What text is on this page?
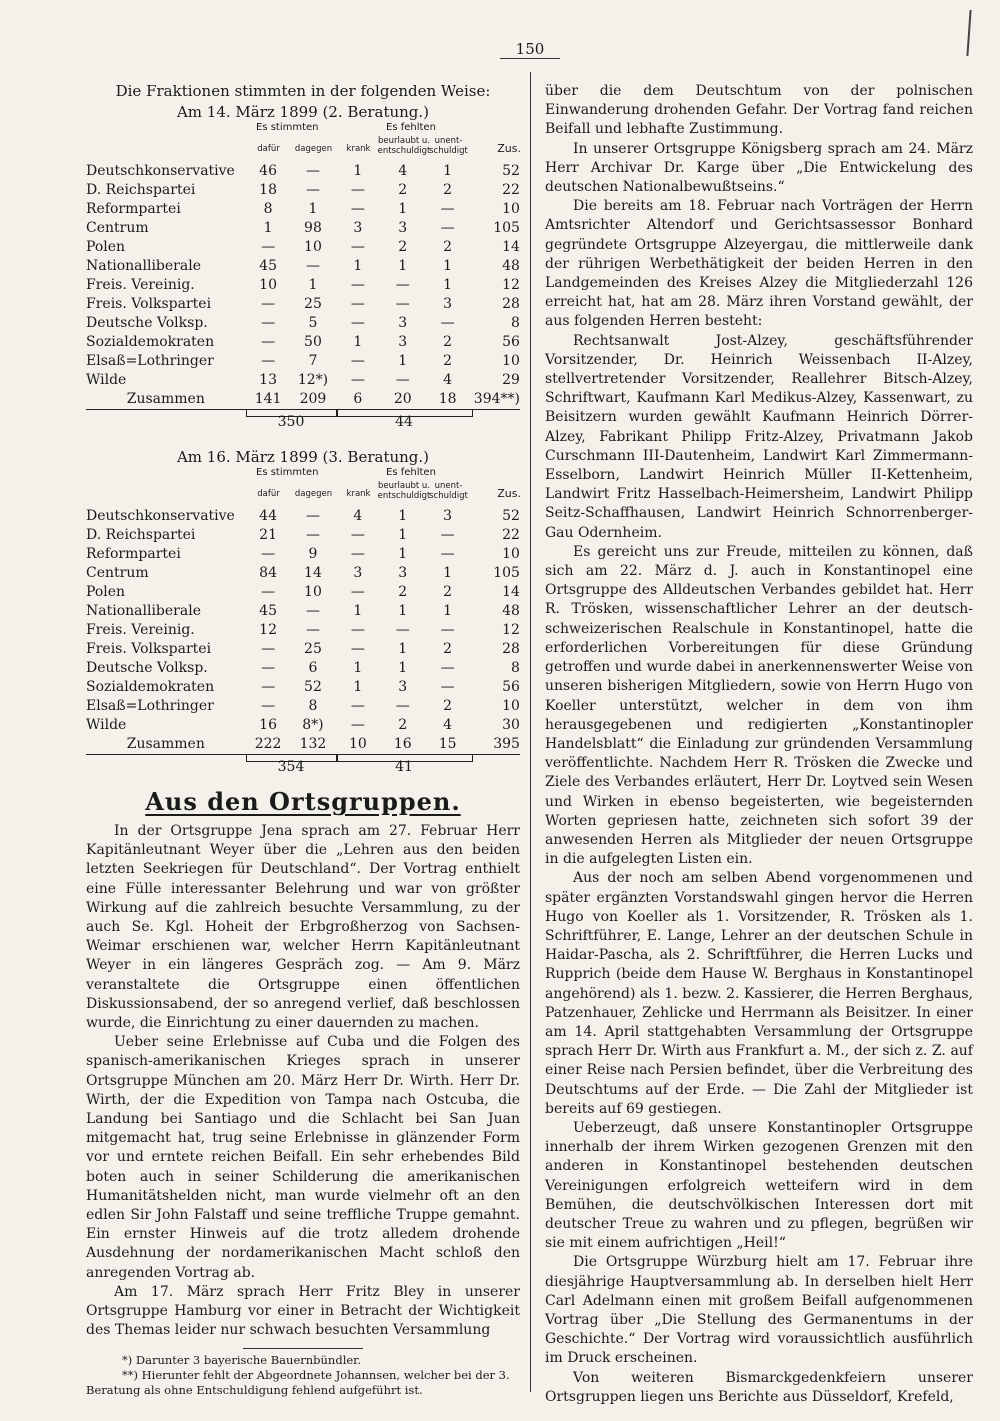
150
Die Fraktionen stimmten in der folgenden Weise:
Am 14. März 1899 (2. Beratung.)
Es stimmten	Es fehlten
dafür	dagegen	krank
beurlaubt u. entschuldigt
unent-schuldigt	Zus.
Deutschkonservative	46	—	1	4	1	52
D. Reichspartei	18	—	—	2	2	22
Reformpartei	8	1	—	1	—	10
Centrum	1	98	3	3	—	105
Polen	—	10	—	2	2	14
Nationalliberale	45	—	1	1	1	48
Freis. Vereinig.	10	1	—	—	1	12
Freis. Volkspartei	—	25	—	—	3	28
Deutsche Volksp.	—	5	—	3	—	8
Sozialdemokraten	—	50	1	3	2	56
Elsaß=Lothringer	—	7	—	1	2	10
Wilde	13	12*)	—	—	4	29
Zusammen	141	209	6	20	18	394**)
350	44
Am 16. März 1899 (3. Beratung.)
Es stimmten	Es fehlten
dafür	dagegen	krank
beurlaubt u. entschuldigt
unent-schuldigt	Zus.
Deutschkonservative	44	—	4	1	3	52
D. Reichspartei	21	—	—	1	—	22
Reformpartei	—	9	—	1	—	10
Centrum	84	14	3	3	1	105
Polen	—	10	—	2	2	14
Nationalliberale	45	—	1	1	1	48
Freis. Vereinig.	12	—	—	—	—	12
Freis. Volkspartei	—	25	—	1	2	28
Deutsche Volksp.	—	6	1	1	—	8
Sozialdemokraten	—	52	1	3	—	56
Elsaß=Lothringer	—	8	—	—	2	10
Wilde	16	8*)	—	2	4	30
Zusammen	222	132	10	16	15	395
354	41
Aus den Ortsgruppen.

In der Ortsgruppe Jena sprach am 27. Februar Herr Kapitänleutnant Weyer über die „Lehren aus den beiden letzten Seekriegen für Deutschland“. Der Vortrag enthielt eine Fülle interessanter Belehrung und war von größter Wirkung auf die zahlreich besuchte Versammlung, zu der auch Se. Kgl. Hoheit der Erbgroßherzog von Sachsen-Weimar erschienen war, welcher Herrn Kapitänleutnant Weyer in ein längeres Gespräch zog. — Am 9. März veranstaltete die Ortsgruppe einen öffentlichen Diskussionsabend, der so anregend verlief, daß beschlossen wurde, die Einrichtung zu einer dauernden zu machen.

Ueber seine Erlebnisse auf Cuba und die Folgen des spanisch-amerikanischen Krieges sprach in unserer Ortsgruppe München am 20. März Herr Dr. Wirth. Herr Dr. Wirth, der die Expedition von Tampa nach Ostcuba, die Landung bei Santiago und die Schlacht bei San Juan mitgemacht hat, trug seine Erlebnisse in glänzender Form vor und erntete reichen Beifall. Ein sehr erhebendes Bild boten auch in seiner Schilderung die amerikanischen Humanitätshelden nicht, man wurde vielmehr oft an den edlen Sir John Falstaff und seine treffliche Truppe gemahnt. Ein ernster Hinweis auf die trotz alledem drohende Ausdehnung der nordamerikanischen Macht schloß den anregenden Vortrag ab.

Am 17. März sprach Herr Fritz Bley in unserer Ortsgruppe Hamburg vor einer in Betracht der Wichtigkeit des Themas leider nur schwach besuchten Versammlung

*) Darunter 3 bayerische Bauernbündler.

**) Hierunter fehlt der Abgeordnete Johannsen, welcher bei der 3. Beratung als ohne Entschuldigung fehlend aufgeführt ist.

über die dem Deutschtum von der polnischen Einwanderung drohenden Gefahr. Der Vortrag fand reichen Beifall und lebhafte Zustimmung.

In unserer Ortsgruppe Königsberg sprach am 24. März Herr Archivar Dr. Karge über „Die Entwickelung des deutschen Nationalbewußtseins.“

Die bereits am 18. Februar nach Vorträgen der Herrn Amtsrichter Altendorf und Gerichtsassessor Bonhard gegründete Ortsgruppe Alzeyergau, die mittlerweile dank der rührigen Werbethätigkeit der beiden Herren in den Landgemeinden des Kreises Alzey die Mitgliederzahl 126 erreicht hat, hat am 28. März ihren Vorstand gewählt, der aus folgenden Herren besteht:

Rechtsanwalt Jost-Alzey, geschäftsführender Vorsitzender, Dr. Heinrich Weissenbach II-Alzey, stellvertretender Vorsitzender, Reallehrer Bitsch-Alzey, Schriftwart, Kaufmann Karl Medikus-Alzey, Kassenwart, zu Beisitzern wurden gewählt Kaufmann Heinrich Dörrer-Alzey, Fabrikant Philipp Fritz-Alzey, Privatmann Jakob Curschmann III-Dautenheim, Landwirt Karl Zimmermann-Esselborn, Landwirt Heinrich Müller II-Kettenheim, Landwirt Fritz Hasselbach-Heimersheim, Landwirt Philipp Seitz-Schaffhausen, Landwirt Heinrich Schnorrenberger-Gau Odernheim.

Es gereicht uns zur Freude, mitteilen zu können, daß sich am 22. März d. J. auch in Konstantinopel eine Ortsgruppe des Alldeutschen Verbandes gebildet hat. Herr R. Trösken, wissenschaftlicher Lehrer an der deutsch-schweizerischen Realschule in Konstantinopel, hatte die erforderlichen Vorbereitungen für diese Gründung getroffen und wurde dabei in anerkennenswerter Weise von unseren bisherigen Mitgliedern, sowie von Herrn Hugo von Koeller unterstützt, welcher in dem von ihm herausgegebenen und redigierten „Konstantinopler Handelsblatt“ die Einladung zur gründenden Versammlung veröffentlichte. Nachdem Herr R. Trösken die Zwecke und Ziele des Verbandes erläutert, Herr Dr. Loytved sein Wesen und Wirken in ebenso begeisterten, wie begeisternden Worten gepriesen hatte, zeichneten sich sofort 39 der anwesenden Herren als Mitglieder der neuen Ortsgruppe in die aufgelegten Listen ein.

Aus der noch am selben Abend vorgenommenen und später ergänzten Vorstandswahl gingen hervor die Herren Hugo von Koeller als 1. Vorsitzender, R. Trösken als 1. Schriftführer, E. Lange, Lehrer an der deutschen Schule in Haidar-Pascha, als 2. Schriftführer, die Herren Lucks und Rupprich (beide dem Hause W. Berghaus in Konstantinopel angehörend) als 1. bezw. 2. Kassierer, die Herren Berghaus, Patzenhauer, Zehlicke und Herrmann als Beisitzer. In einer am 14. April stattgehabten Versammlung der Ortsgruppe sprach Herr Dr. Wirth aus Frankfurt a. M., der sich z. Z. auf einer Reise nach Persien befindet, über die Verbreitung des Deutschtums auf der Erde. — Die Zahl der Mitglieder ist bereits auf 69 gestiegen.

Ueberzeugt, daß unsere Konstantinopler Ortsgruppe innerhalb der ihrem Wirken gezogenen Grenzen mit den anderen in Konstantinopel bestehenden deutschen Vereinigungen erfolgreich wetteifern wird in dem Bemühen, die deutschvölkischen Interessen dort mit deutscher Treue zu wahren und zu pflegen, begrüßen wir sie mit einem aufrichtigen „Heil!“

Die Ortsgruppe Würzburg hielt am 17. Februar ihre diesjährige Hauptversammlung ab. In derselben hielt Herr Carl Adelmann einen mit großem Beifall aufgenommenen Vortrag über „Die Stellung des Germanentums in der Geschichte.“ Der Vortrag wird voraussichtlich ausführlich im Druck erscheinen.

Von weiteren Bismarckgedenkfeiern unserer Ortsgruppen liegen uns Berichte aus Düsseldorf, Krefeld,
